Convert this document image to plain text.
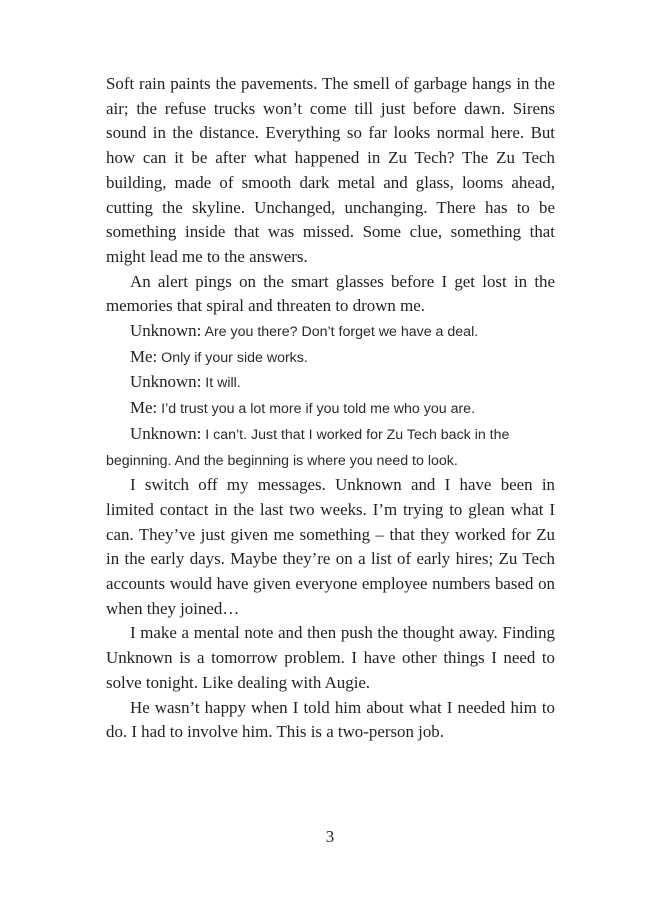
Soft rain paints the pavements. The smell of garbage hangs in the air; the refuse trucks won’t come till just before dawn. Sirens sound in the distance. Everything so far looks normal here. But how can it be after what happened in Zu Tech? The Zu Tech building, made of smooth dark metal and glass, looms ahead, cutting the skyline. Unchanged, unchanging. There has to be something inside that was missed. Some clue, something that might lead me to the answers.

An alert pings on the smart glasses before I get lost in the memories that spiral and threaten to drown me.

Unknown: Are you there? Don’t forget we have a deal.

Me: Only if your side works.

Unknown: It will.

Me: I’d trust you a lot more if you told me who you are.

Unknown: I can’t. Just that I worked for Zu Tech back in the beginning. And the beginning is where you need to look.

I switch off my messages. Unknown and I have been in limited contact in the last two weeks. I’m trying to glean what I can. They’ve just given me something – that they worked for Zu in the early days. Maybe they’re on a list of early hires; Zu Tech accounts would have given everyone employee numbers based on when they joined…

I make a mental note and then push the thought away. Finding Unknown is a tomorrow problem. I have other things I need to solve tonight. Like dealing with Augie.

He wasn’t happy when I told him about what I needed him to do. I had to involve him. This is a two-person job.

3
